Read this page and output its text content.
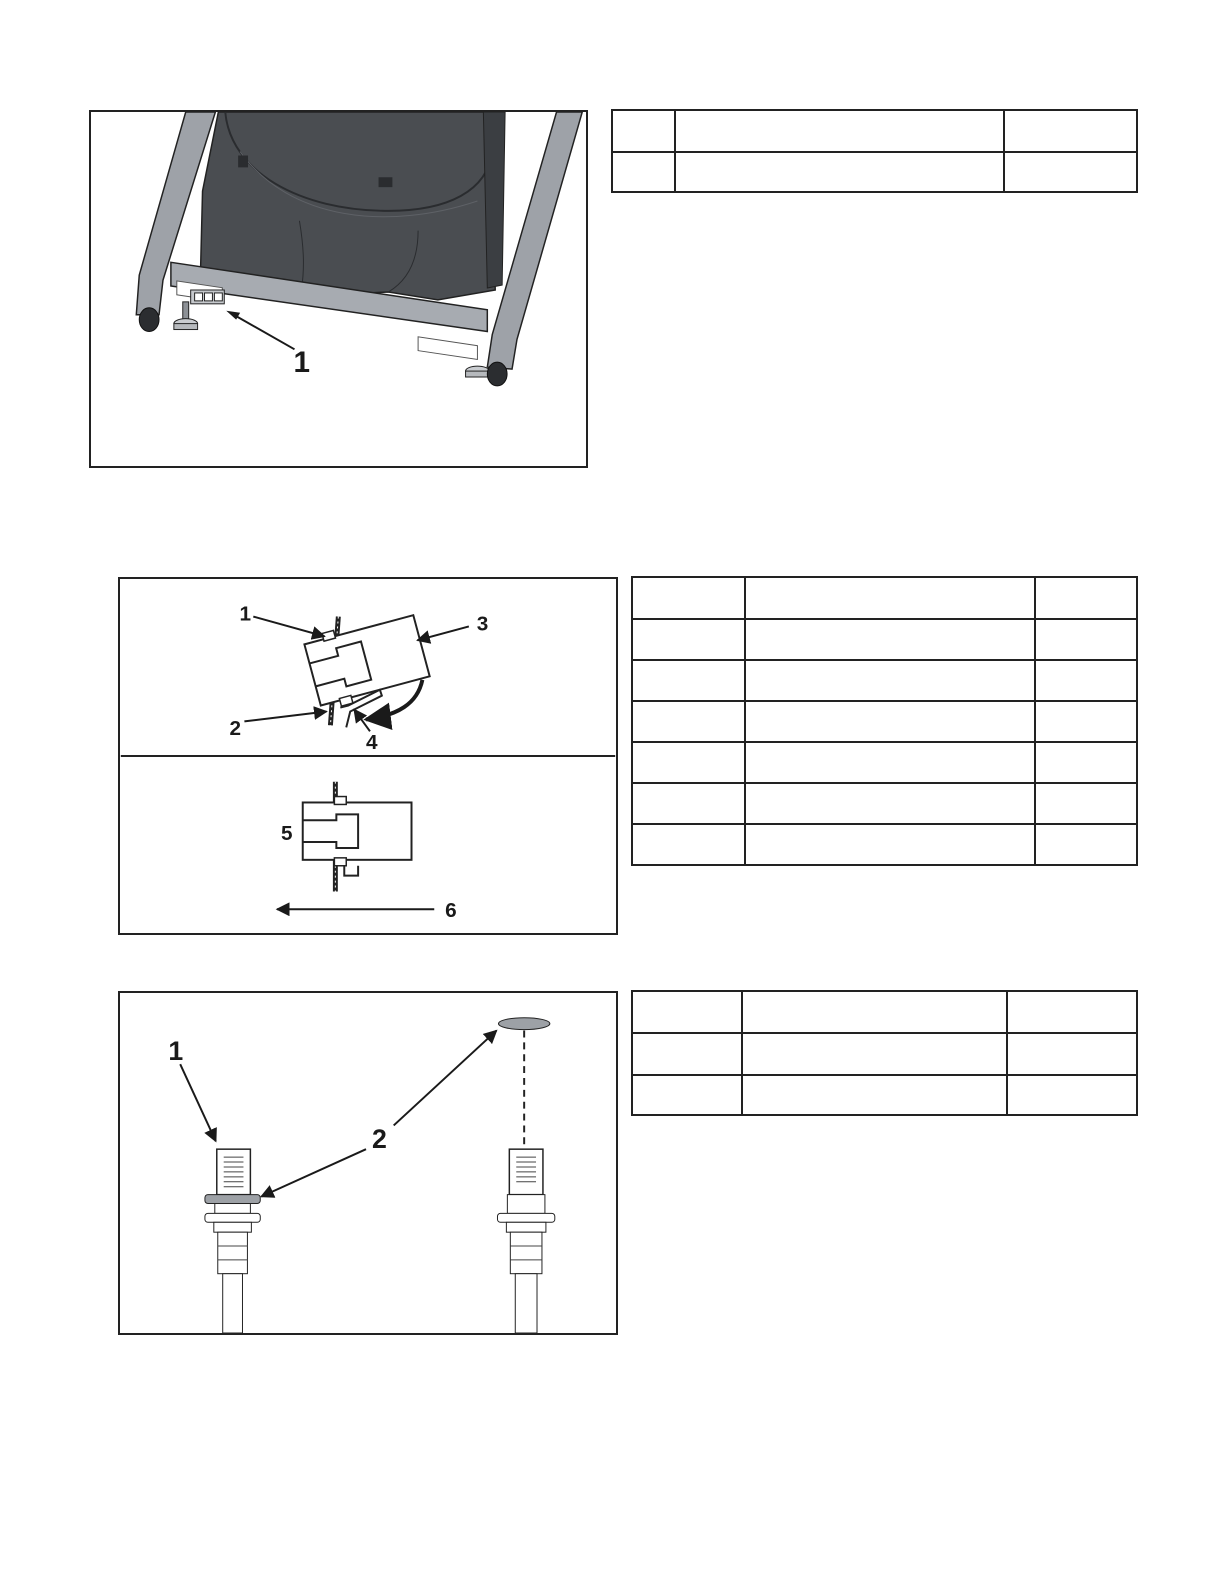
1

1	3
2
4
5
6

1
2
